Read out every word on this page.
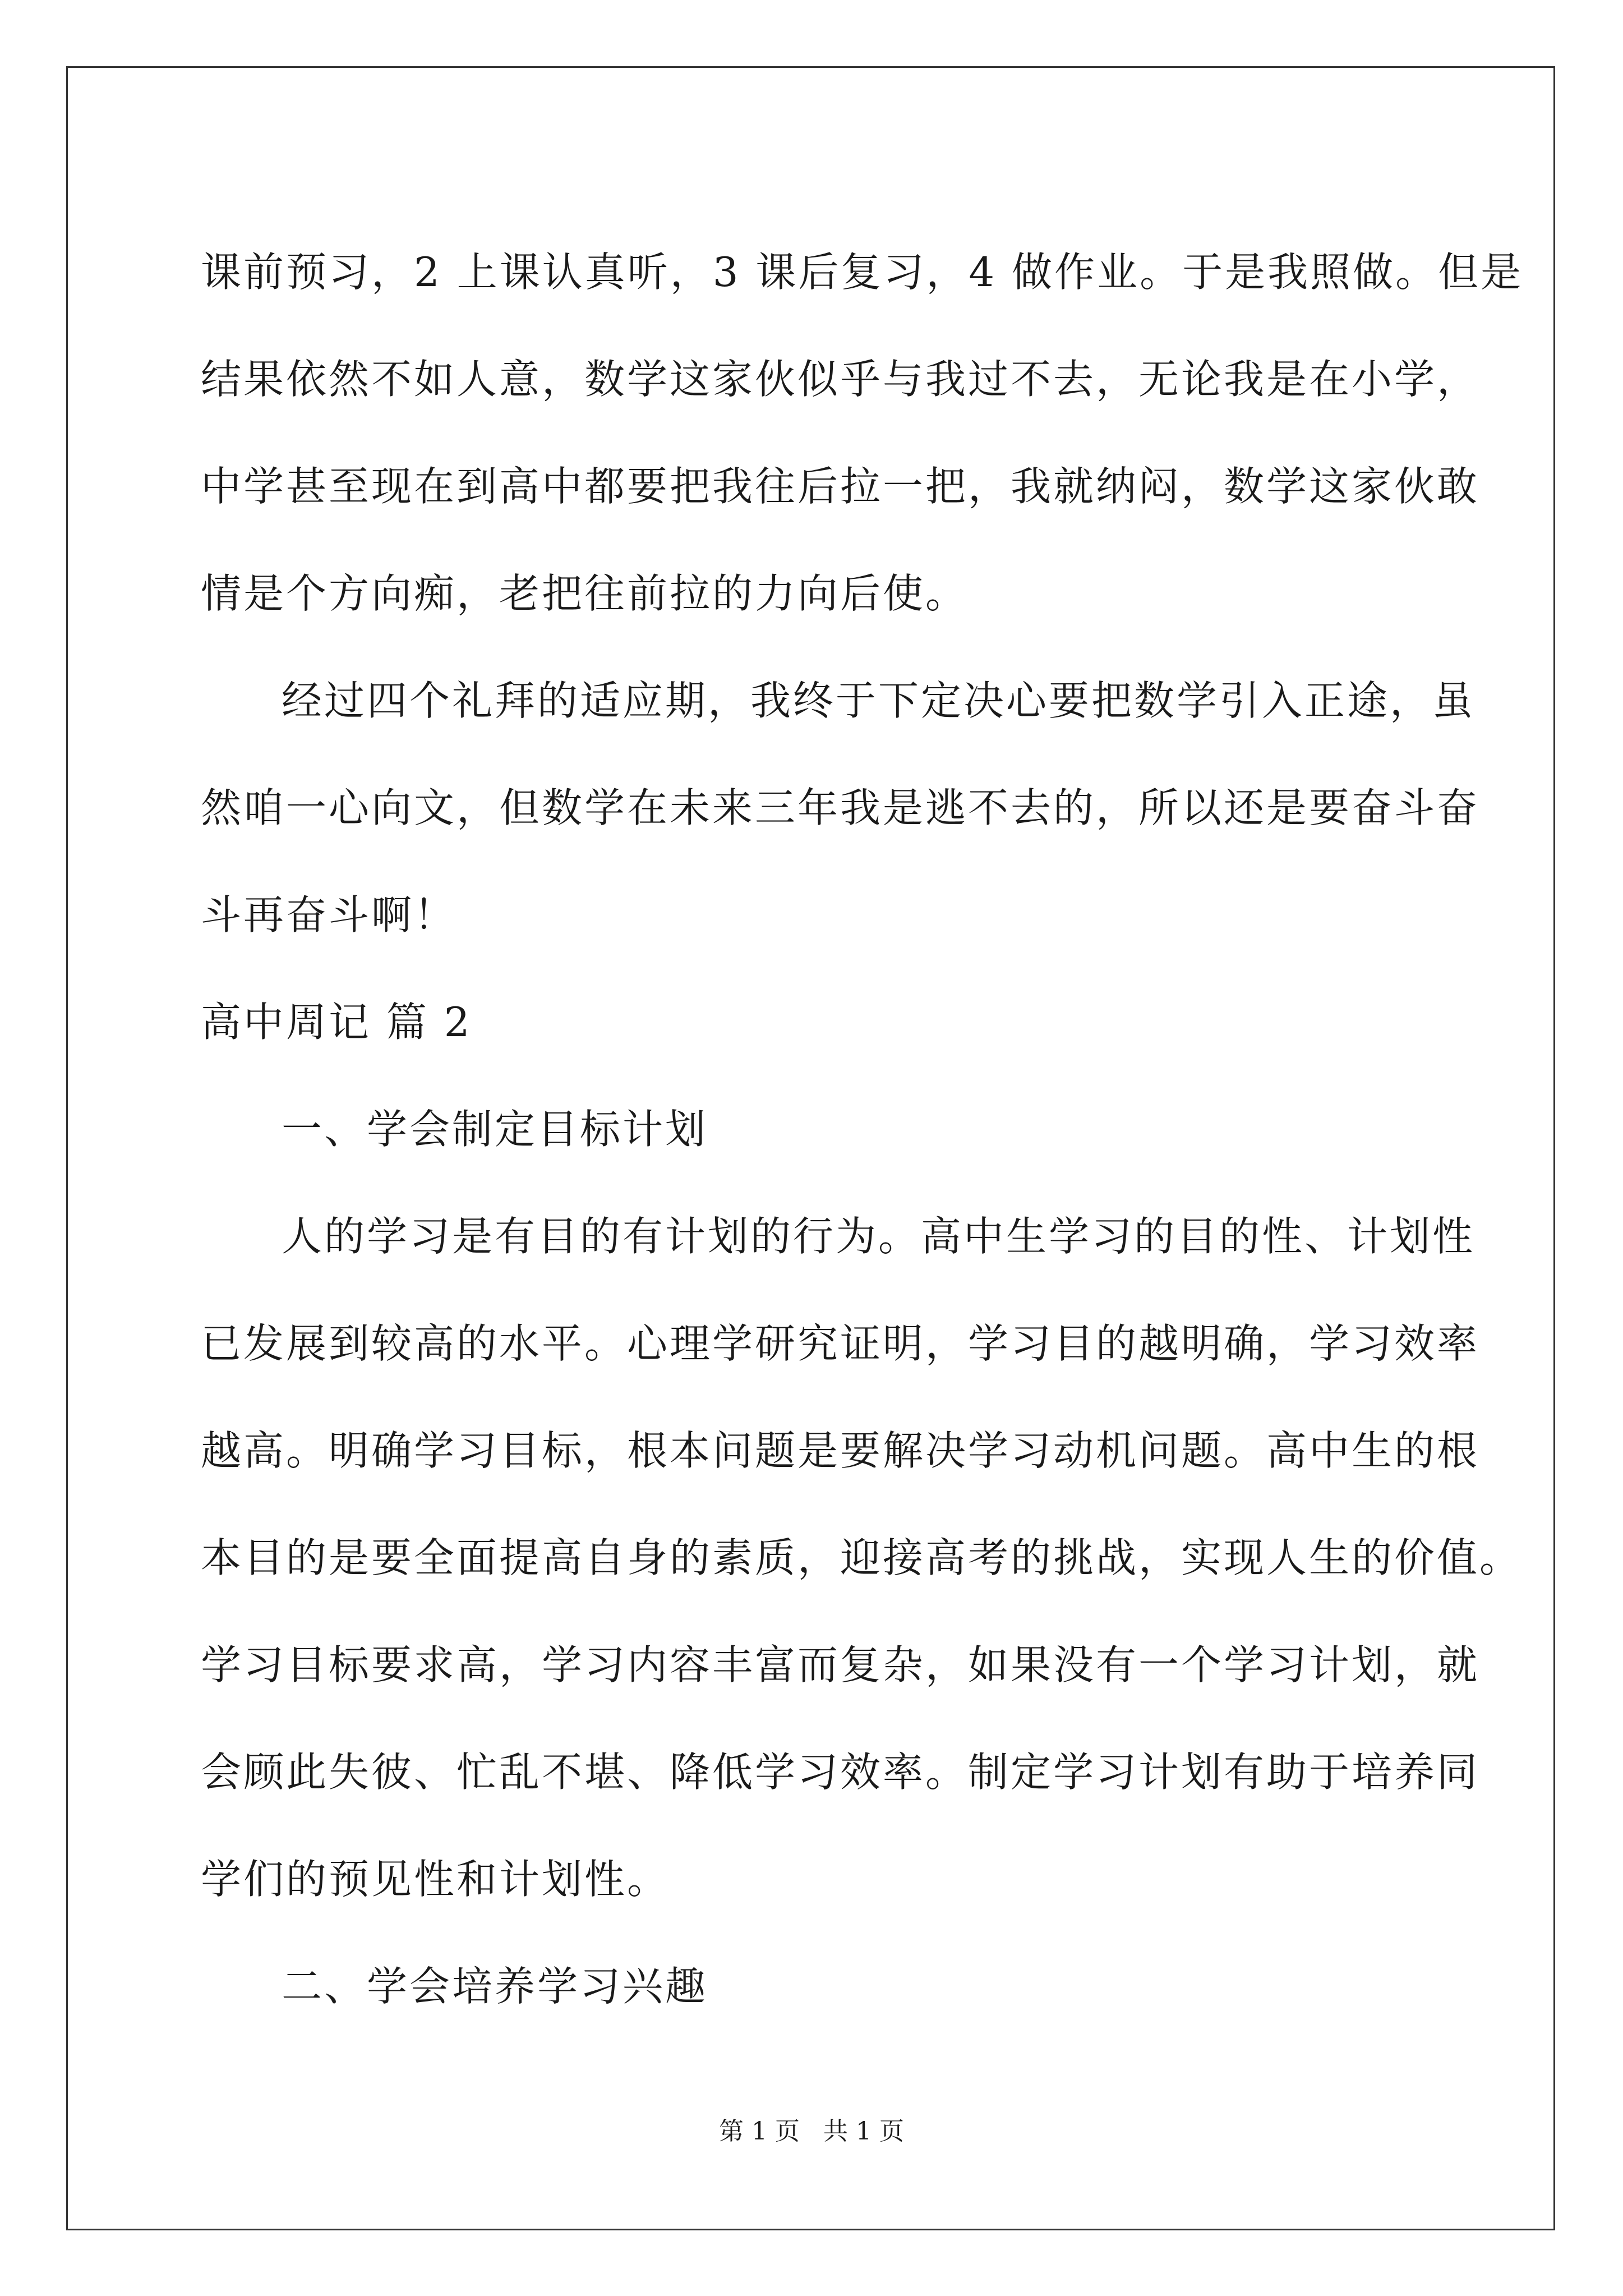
课前预习，2 上课认真听，3 课后复习，4 做作业。于是我照做。但是

结果依然不如人意，数学这家伙似乎与我过不去，无论我是在小学，

中学甚至现在到高中都要把我往后拉一把，我就纳闷，数学这家伙敢

情是个方向痴，老把往前拉的力向后使。

经过四个礼拜的适应期，我终于下定决心要把数学引入正途，虽

然咱一心向文，但数学在未来三年我是逃不去的，所以还是要奋斗奋

斗再奋斗啊！

高中周记 篇 2

一、学会制定目标计划

人的学习是有目的有计划的行为。高中生学习的目的性、计划性

已发展到较高的水平。心理学研究证明，学习目的越明确，学习效率

越高。明确学习目标，根本问题是要解决学习动机问题。高中生的根

本目的是要全面提高自身的素质，迎接高考的挑战，实现人生的价值。

学习目标要求高，学习内容丰富而复杂，如果没有一个学习计划，就

会顾此失彼、忙乱不堪、降低学习效率。制定学习计划有助于培养同

学们的预见性和计划性。

二、学会培养学习兴趣

第 1 页   共 1 页
